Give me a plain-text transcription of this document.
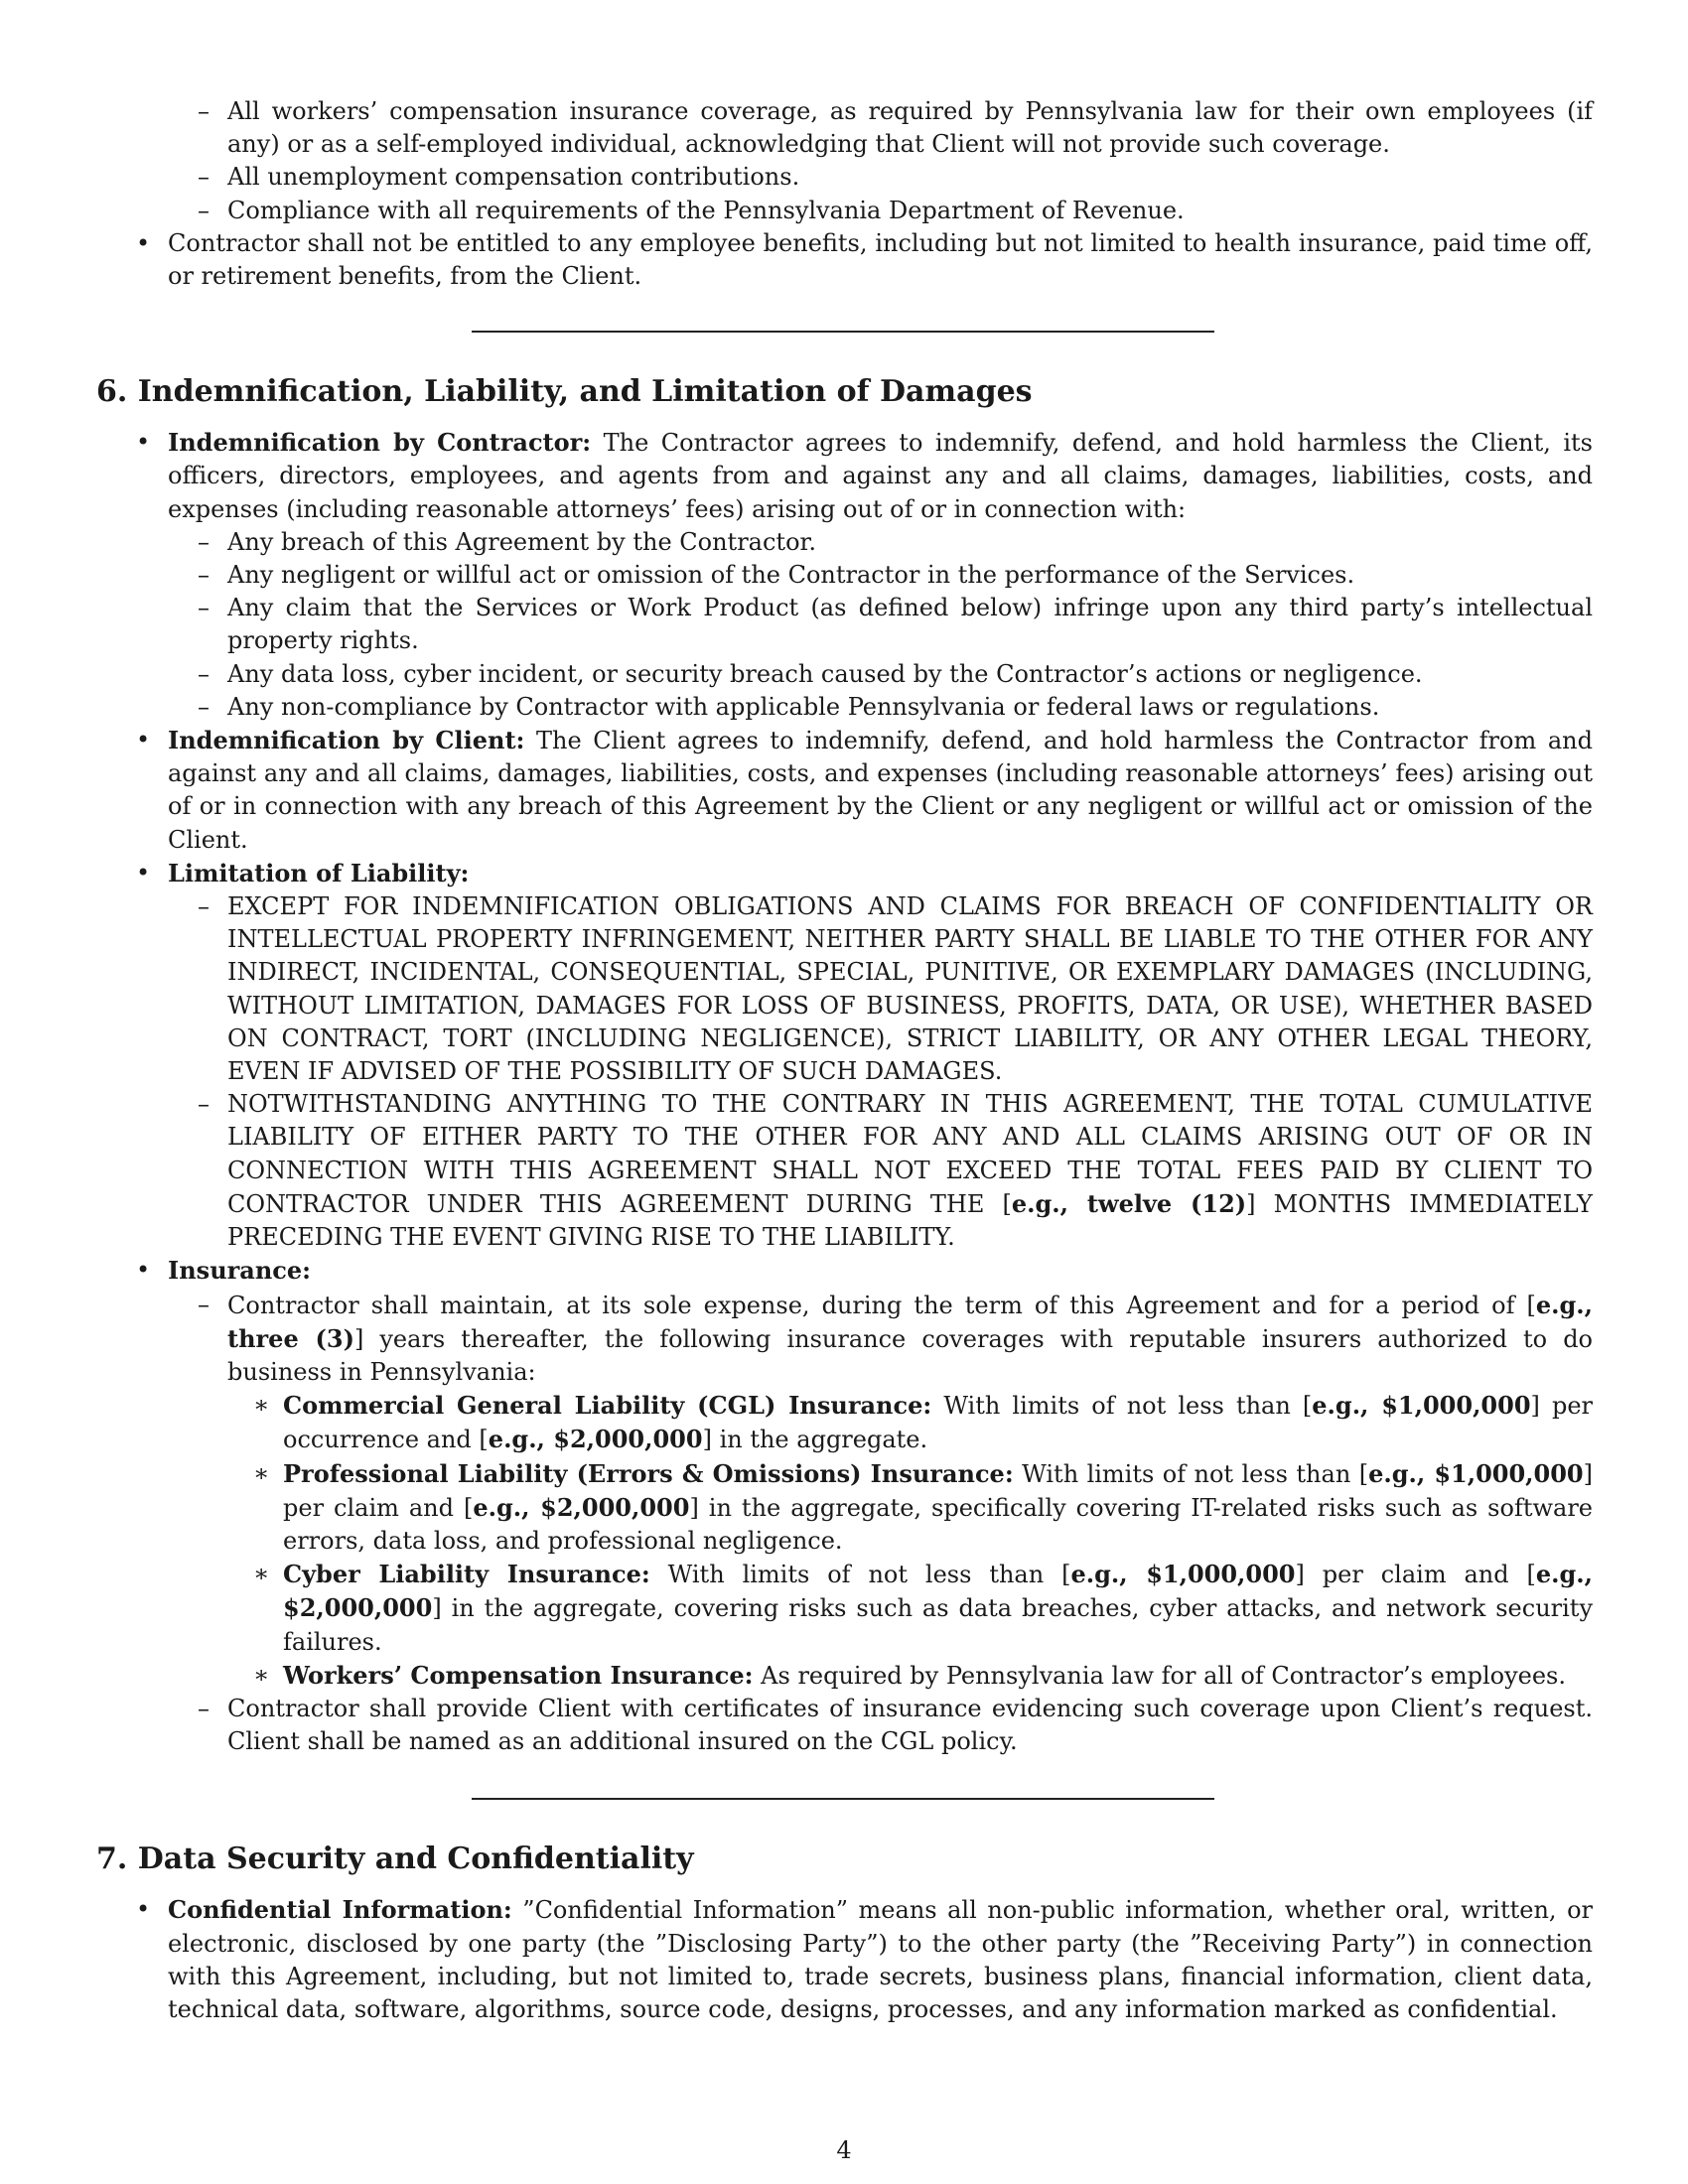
– All workers’ compensation insurance coverage, as required by Pennsylvania law for their own employees (if any) or as a self-employed individual, acknowledging that Client will not provide such coverage.
– All unemployment compensation contributions.
– Compliance with all requirements of the Pennsylvania Department of Revenue.
• Contractor shall not be entitled to any employee benefits, including but not limited to health insurance, paid time off, or retirement benefits, from the Client.
6. Indemnification, Liability, and Limitation of Damages
• Indemnification by Contractor: The Contractor agrees to indemnify, defend, and hold harmless the Client, its officers, directors, employees, and agents from and against any and all claims, damages, liabilities, costs, and expenses (including reasonable attorneys’ fees) arising out of or in connection with:
– Any breach of this Agreement by the Contractor.
– Any negligent or willful act or omission of the Contractor in the performance of the Services.
– Any claim that the Services or Work Product (as defined below) infringe upon any third party’s intellectual property rights.
– Any data loss, cyber incident, or security breach caused by the Contractor’s actions or negligence.
– Any non-compliance by Contractor with applicable Pennsylvania or federal laws or regulations.
• Indemnification by Client: The Client agrees to indemnify, defend, and hold harmless the Contractor from and against any and all claims, damages, liabilities, costs, and expenses (including reasonable attorneys’ fees) arising out of or in connection with any breach of this Agreement by the Client or any negligent or willful act or omission of the Client.
• Limitation of Liability:
– EXCEPT FOR INDEMNIFICATION OBLIGATIONS AND CLAIMS FOR BREACH OF CONFIDENTIALITY OR INTELLECTUAL PROPERTY INFRINGEMENT, NEITHER PARTY SHALL BE LIABLE TO THE OTHER FOR ANY INDIRECT, INCIDENTAL, CONSEQUENTIAL, SPECIAL, PUNITIVE, OR EXEMPLARY DAMAGES (INCLUDING, WITHOUT LIMITATION, DAMAGES FOR LOSS OF BUSINESS, PROFITS, DATA, OR USE), WHETHER BASED ON CONTRACT, TORT (INCLUDING NEGLIGENCE), STRICT LIABILITY, OR ANY OTHER LEGAL THEORY, EVEN IF ADVISED OF THE POSSIBILITY OF SUCH DAMAGES.
– NOTWITHSTANDING ANYTHING TO THE CONTRARY IN THIS AGREEMENT, THE TOTAL CUMULATIVE LIABILITY OF EITHER PARTY TO THE OTHER FOR ANY AND ALL CLAIMS ARISING OUT OF OR IN CONNECTION WITH THIS AGREEMENT SHALL NOT EXCEED THE TOTAL FEES PAID BY CLIENT TO CONTRACTOR UNDER THIS AGREEMENT DURING THE [e.g., twelve (12)] MONTHS IMMEDIATELY PRECEDING THE EVENT GIVING RISE TO THE LIABILITY.
• Insurance:
– Contractor shall maintain, at its sole expense, during the term of this Agreement and for a period of [e.g., three (3)] years thereafter, the following insurance coverages with reputable insurers authorized to do business in Pennsylvania:
∗ Commercial General Liability (CGL) Insurance: With limits of not less than [e.g., $1,000,000] per occurrence and [e.g., $2,000,000] in the aggregate.
∗ Professional Liability (Errors & Omissions) Insurance: With limits of not less than [e.g., $1,000,000] per claim and [e.g., $2,000,000] in the aggregate, specifically covering IT-related risks such as software errors, data loss, and professional negligence.
∗ Cyber Liability Insurance: With limits of not less than [e.g., $1,000,000] per claim and [e.g., $2,000,000] in the aggregate, covering risks such as data breaches, cyber attacks, and network security failures.
∗ Workers’ Compensation Insurance: As required by Pennsylvania law for all of Contractor’s employees.
– Contractor shall provide Client with certificates of insurance evidencing such coverage upon Client’s request. Client shall be named as an additional insured on the CGL policy.
7. Data Security and Confidentiality
• Confidential Information: ”Confidential Information” means all non-public information, whether oral, written, or electronic, disclosed by one party (the ”Disclosing Party”) to the other party (the ”Receiving Party”) in connection with this Agreement, including, but not limited to, trade secrets, business plans, financial information, client data, technical data, software, algorithms, source code, designs, processes, and any information marked as confidential.
4
